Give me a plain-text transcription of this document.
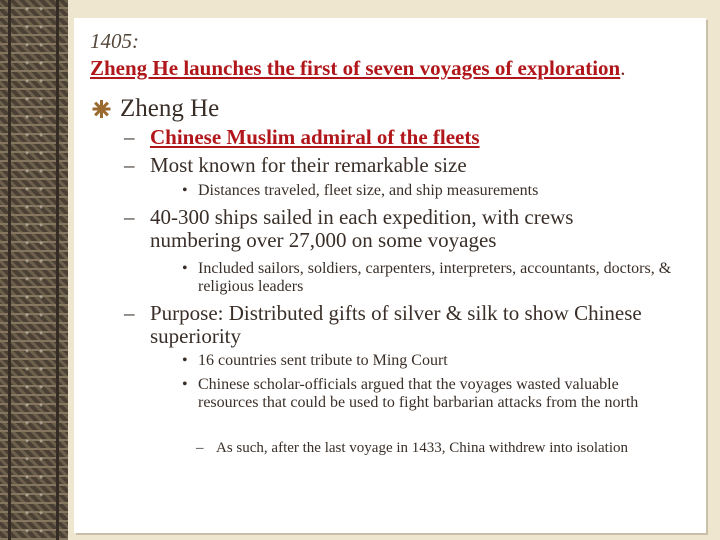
1405:
Zheng He launches the first of seven voyages of exploration.
Zheng He
– Chinese Muslim admiral of the fleets
– Most known for their remarkable size
• Distances traveled, fleet size, and ship measurements
– 40-300 ships sailed in each expedition, with crews numbering over 27,000 on some voyages
• Included sailors, soldiers, carpenters, interpreters, accountants, doctors, & religious leaders
– Purpose: Distributed gifts of silver & silk to show Chinese superiority
• 16 countries sent tribute to Ming Court
• Chinese scholar-officials argued that the voyages wasted valuable resources that could be used to fight barbarian attacks from the north
– As such, after the last voyage in 1433, China withdrew into isolation
